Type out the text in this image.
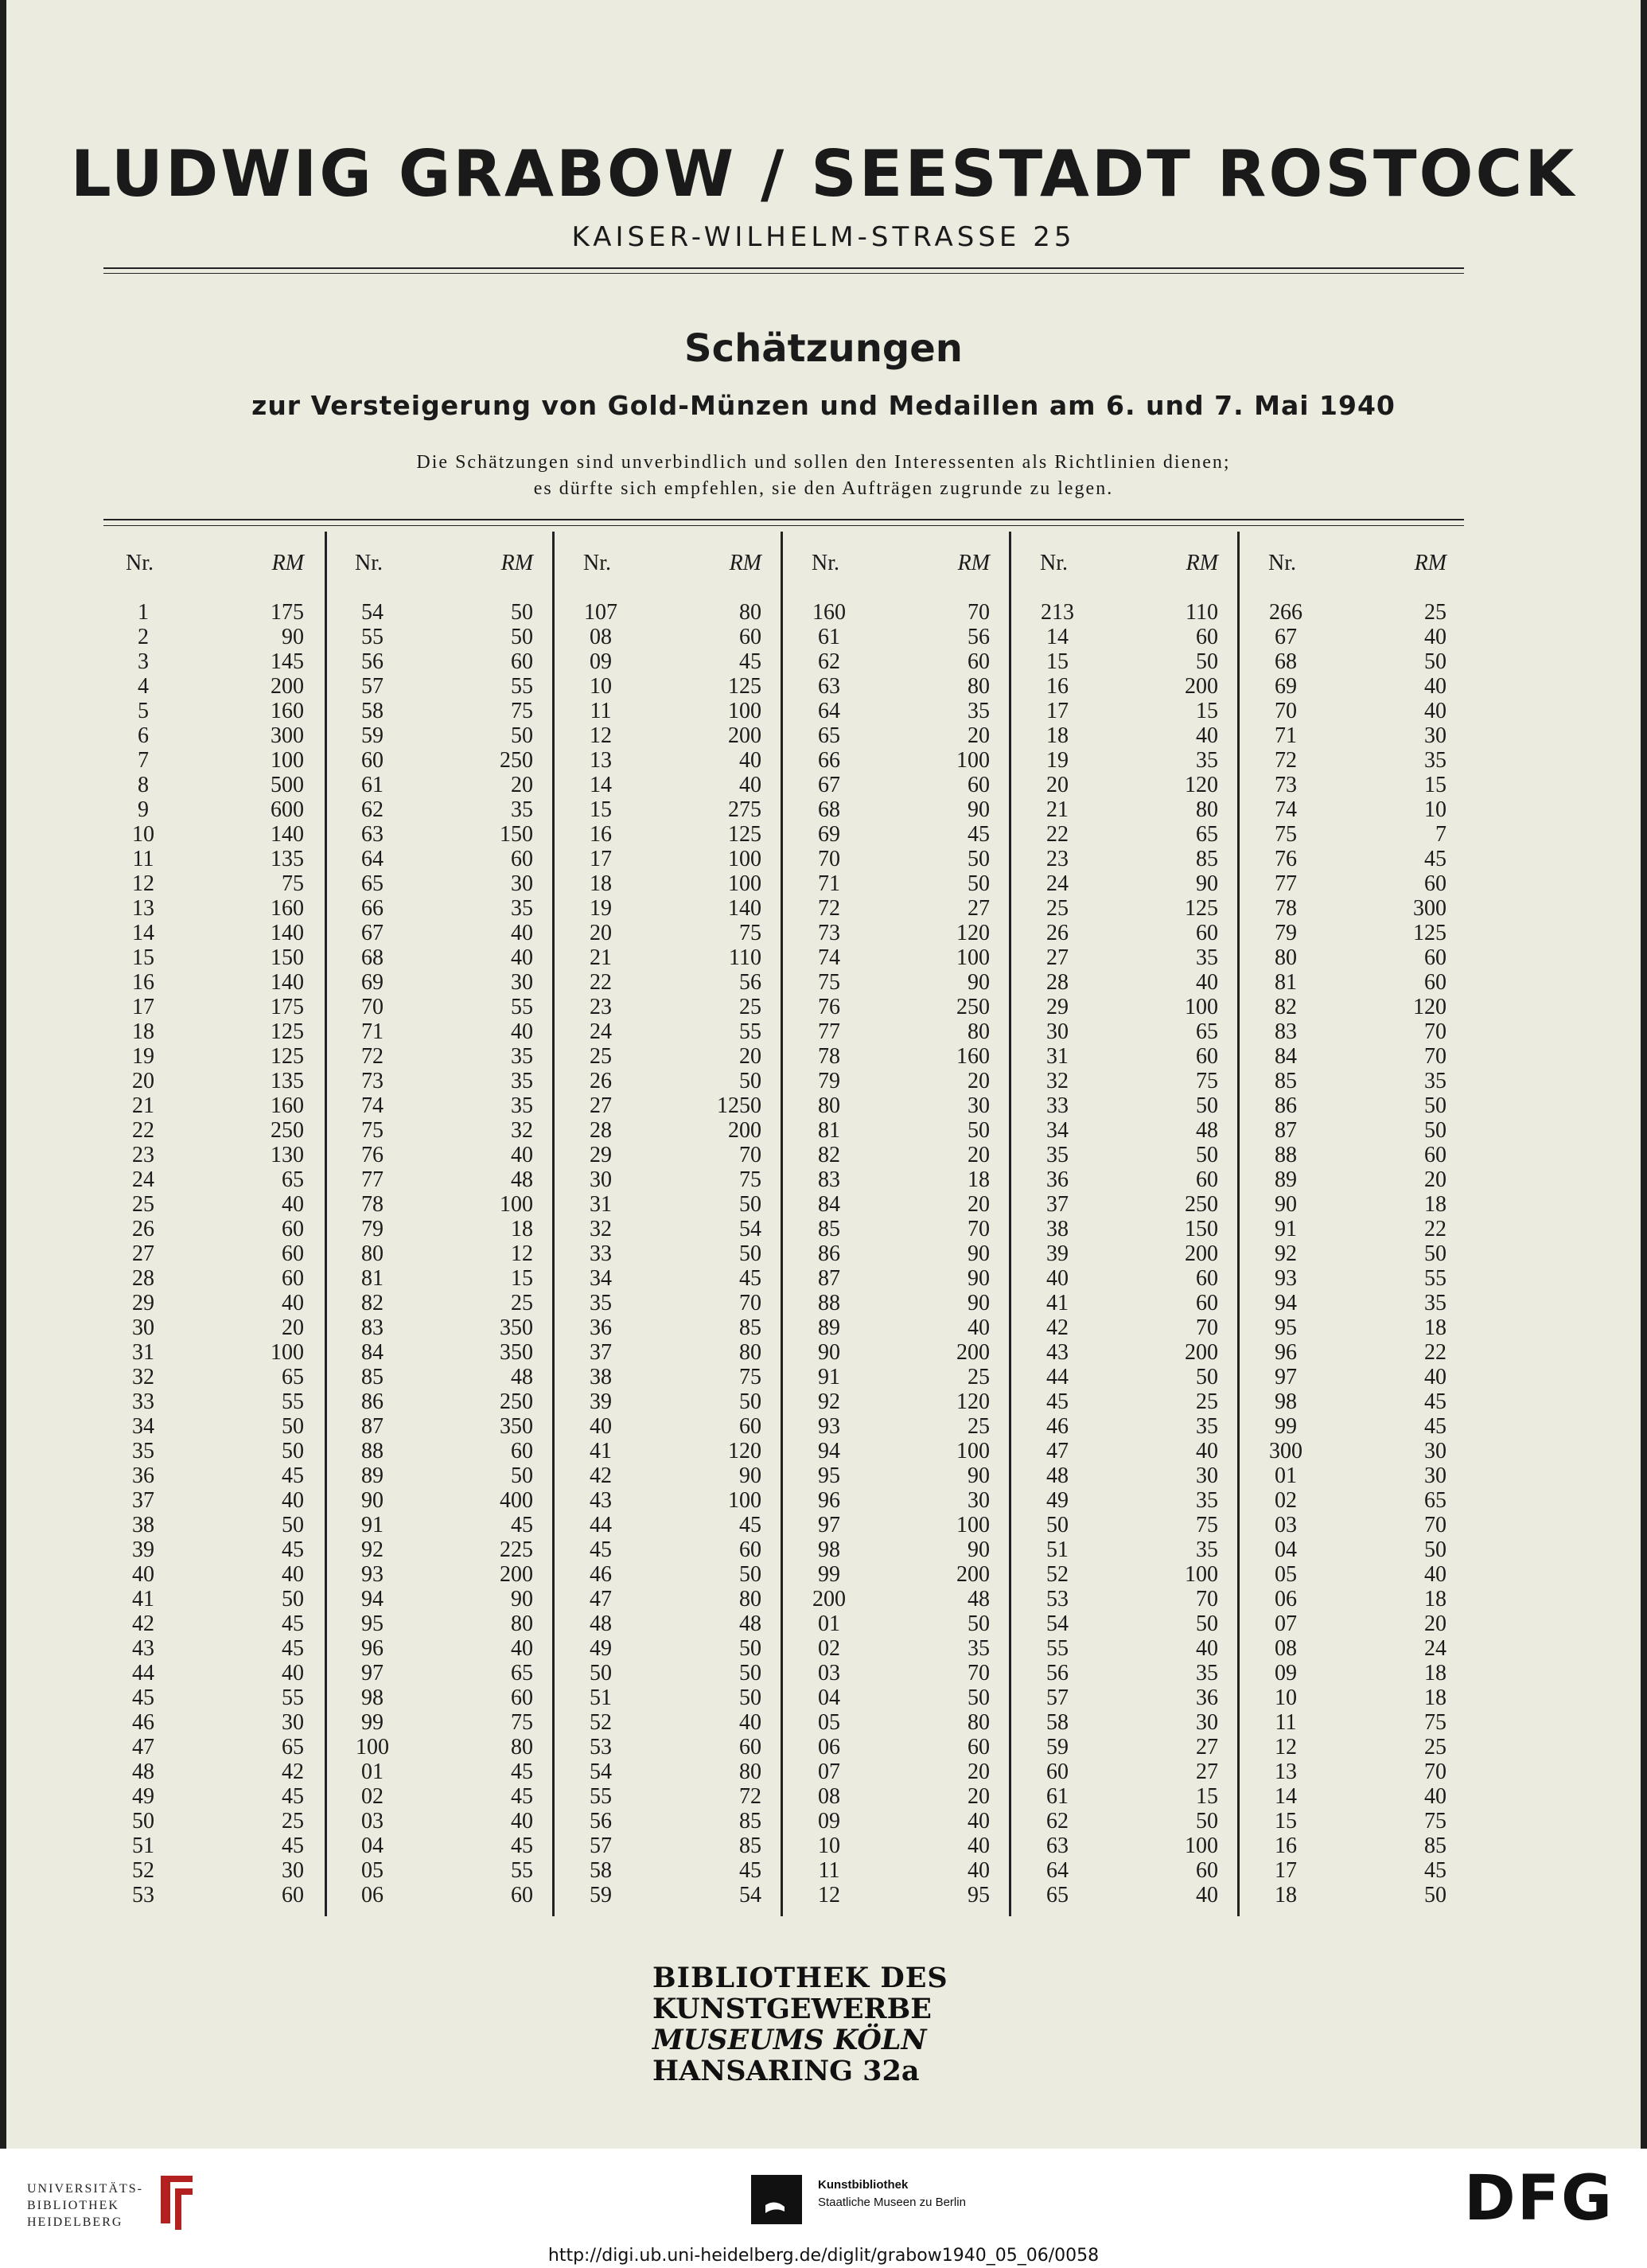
LUDWIG GRABOW / SEESTADT ROSTOCK
KAISER-WILHELM-STRASSE 25
Schätzungen
zur Versteigerung von Gold-Münzen und Medaillen am 6. und 7. Mai 1940
Die Schätzungen sind unverbindlich und sollen den Interessenten als Richtlinien dienen;
es dürfte sich empfehlen, sie den Aufträgen zugrunde zu legen.
Nr.	RM
1	175
2	90
3	145
4	200
5	160
6	300
7	100
8	500
9	600
10	140
11	135
12	75
13	160
14	140
15	150
16	140
17	175
18	125
19	125
20	135
21	160
22	250
23	130
24	65
25	40
26	60
27	60
28	60
29	40
30	20
31	100
32	65
33	55
34	50
35	50
36	45
37	40
38	50
39	45
40	40
41	50
42	45
43	45
44	40
45	55
46	30
47	65
48	42
49	45
50	25
51	45
52	30
53	60
Nr.	RM
54	50
55	50
56	60
57	55
58	75
59	50
60	250
61	20
62	35
63	150
64	60
65	30
66	35
67	40
68	40
69	30
70	55
71	40
72	35
73	35
74	35
75	32
76	40
77	48
78	100
79	18
80	12
81	15
82	25
83	350
84	350
85	48
86	250
87	350
88	60
89	50
90	400
91	45
92	225
93	200
94	90
95	80
96	40
97	65
98	60
99	75
100	80
01	45
02	45
03	40
04	45
05	55
06	60
Nr.	RM
107	80
08	60
09	45
10	125
11	100
12	200
13	40
14	40
15	275
16	125
17	100
18	100
19	140
20	75
21	110
22	56
23	25
24	55
25	20
26	50
27	1250
28	200
29	70
30	75
31	50
32	54
33	50
34	45
35	70
36	85
37	80
38	75
39	50
40	60
41	120
42	90
43	100
44	45
45	60
46	50
47	80
48	48
49	50
50	50
51	50
52	40
53	60
54	80
55	72
56	85
57	85
58	45
59	54
Nr.	RM
160	70
61	56
62	60
63	80
64	35
65	20
66	100
67	60
68	90
69	45
70	50
71	50
72	27
73	120
74	100
75	90
76	250
77	80
78	160
79	20
80	30
81	50
82	20
83	18
84	20
85	70
86	90
87	90
88	90
89	40
90	200
91	25
92	120
93	25
94	100
95	90
96	30
97	100
98	90
99	200
200	48
01	50
02	35
03	70
04	50
05	80
06	60
07	20
08	20
09	40
10	40
11	40
12	95
Nr.	RM
213	110
14	60
15	50
16	200
17	15
18	40
19	35
20	120
21	80
22	65
23	85
24	90
25	125
26	60
27	35
28	40
29	100
30	65
31	60
32	75
33	50
34	48
35	50
36	60
37	250
38	150
39	200
40	60
41	60
42	70
43	200
44	50
45	25
46	35
47	40
48	30
49	35
50	75
51	35
52	100
53	70
54	50
55	40
56	35
57	36
58	30
59	27
60	27
61	15
62	50
63	100
64	60
65	40
Nr.	RM
266	25
67	40
68	50
69	40
70	40
71	30
72	35
73	15
74	10
75	7
76	45
77	60
78	300
79	125
80	60
81	60
82	120
83	70
84	70
85	35
86	50
87	50
88	60
89	20
90	18
91	22
92	50
93	55
94	35
95	18
96	22
97	40
98	45
99	45
300	30
01	30
02	65
03	70
04	50
05	40
06	18
07	20
08	24
09	18
10	18
11	75
12	25
13	70
14	40
15	75
16	85
17	45
18	50
BIBLIOTHEK DES
KUNSTGEWERBE
MUSEUMS KÖLN
HANSARING 32a
UNIVERSITÄTS-
BIBLIOTHEK
HEIDELBERG
Kunstbibliothek
Staatliche Museen zu Berlin	DFG
http://digi.ub.uni-heidelberg.de/diglit/grabow1940_05_06/0058
